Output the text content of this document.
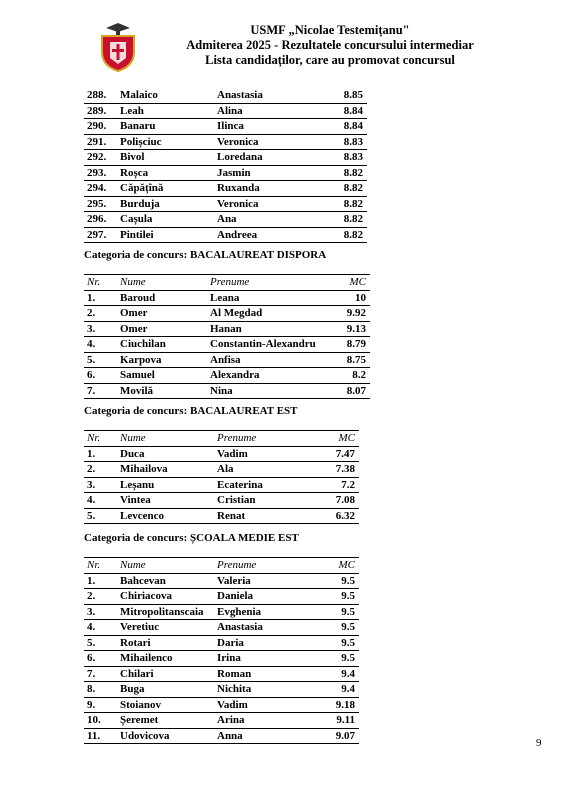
USMF „Nicolae Testemițanu"
Admiterea 2025 - Rezultatele concursului intermediar
Lista candidaților, care au promovat concursul
288.	Malaico	Anastasia	8.85
289.	Leah	Alina	8.84
290.	Banaru	Ilinca	8.84
291.	Polișciuc	Veronica	8.83
292.	Bivol	Loredana	8.83
293.	Roșca	Jasmin	8.82
294.	Căpățînă	Ruxanda	8.82
295.	Burduja	Veronica	8.82
296.	Cașula	Ana	8.82
297.	Pintilei	Andreea	8.82
Categoria de concurs: BACALAUREAT DISPORA
Nr.	Nume	Prenume	MC
1.	Baroud	Leana	10
2.	Omer	Al Megdad	9.92
3.	Omer	Hanan	9.13
4.	Ciuchilan	Constantin-Alexandru	8.79
5.	Karpova	Anfisa	8.75
6.	Samuel	Alexandra	8.2
7.	Movilă	Nina	8.07
Categoria de concurs: BACALAUREAT EST
Nr.	Nume	Prenume	MC
1.	Duca	Vadim	7.47
2.	Mihailova	Ala	7.38
3.	Leșanu	Ecaterina	7.2
4.	Vintea	Cristian	7.08
5.	Levcenco	Renat	6.32
Categoria de concurs: ȘCOALA MEDIE EST
Nr.	Nume	Prenume	MC
1.	Bahcevan	Valeria	9.5
2.	Chiriacova	Daniela	9.5
3.	Mitropolitanscaia	Evghenia	9.5
4.	Veretiuc	Anastasia	9.5
5.	Rotari	Daria	9.5
6.	Mihailenco	Irina	9.5
7.	Chilari	Roman	9.4
8.	Buga	Nichita	9.4
9.	Stoianov	Vadim	9.18
10.	Șeremet	Arina	9.11
11.	Udovicova	Anna	9.07
9
